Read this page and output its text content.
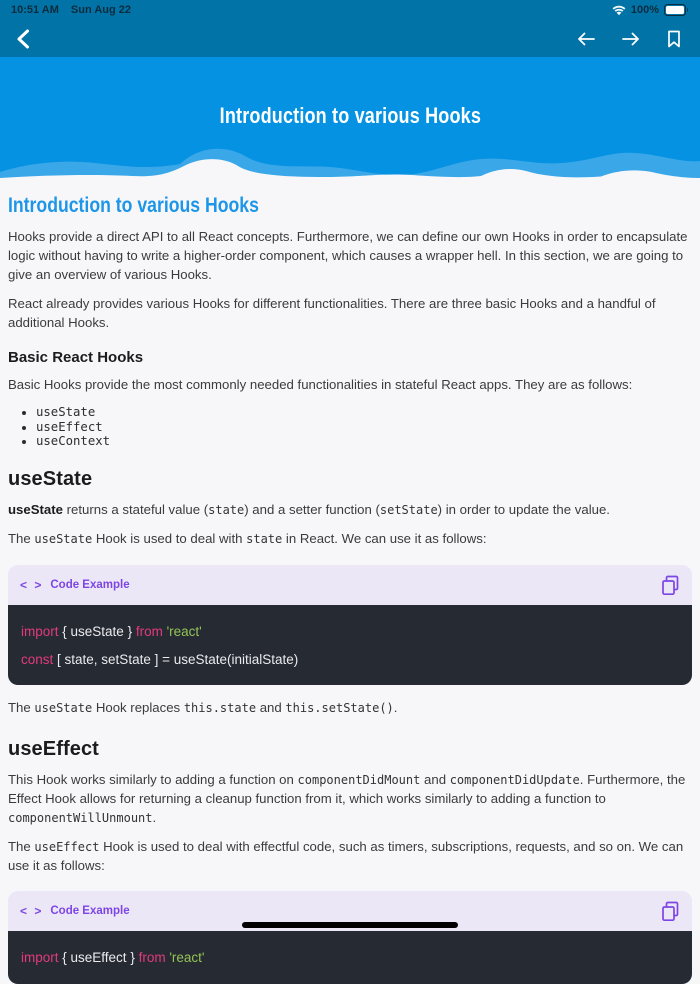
10:51 AM Sun Aug 22	100%
Introduction to various Hooks
Introduction to various Hooks

Hooks provide a direct API to all React concepts. Furthermore, we can define our own Hooks in order to encapsulate logic without having to write a higher-order component, which causes a wrapper hell. In this section, we are going to give an overview of various Hooks.

React already provides various Hooks for different functionalities. There are three basic Hooks and a handful of additional Hooks.

Basic React Hooks

Basic Hooks provide the most commonly needed functionalities in stateful React apps. They are as follows:

• useState
• useEffect
• useContext
useState

useState returns a stateful value (state) and a setter function (setState) in order to update the value.

The useState Hook is used to deal with state in React. We can use it as follows:

< > Code Example
import { useState } from 'react'
const [ state, setState ] = useState(initialState)

The useState Hook replaces this.state and this.setState().

useEffect

This Hook works similarly to adding a function on componentDidMount and componentDidUpdate. Furthermore, the Effect Hook allows for returning a cleanup function from it, which works similarly to adding a function to componentWillUnmount.

The useEffect Hook is used to deal with effectful code, such as timers, subscriptions, requests, and so on. We can use it as follows:

< > Code Example
import { useEffect } from 'react'
